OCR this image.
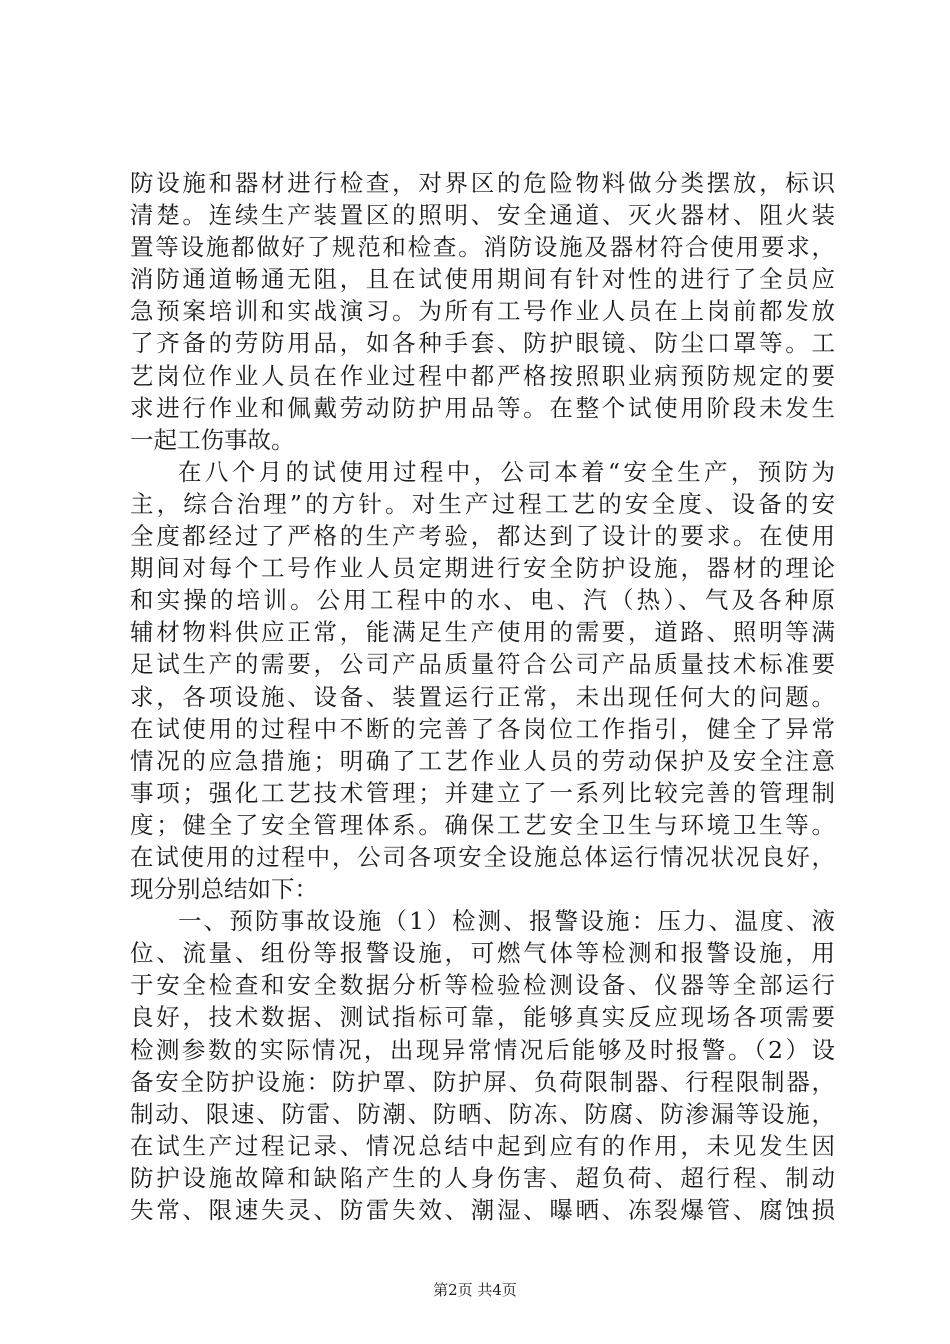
防设施和器材进行检查，对界区的危险物料做分类摆放，标识
清楚。连续生产装置区的照明、安全通道、灭火器材、阻火装
置等设施都做好了规范和检查。消防设施及器材符合使用要求，
消防通道畅通无阻，且在试使用期间有针对性的进行了全员应
急预案培训和实战演习。为所有工号作业人员在上岗前都发放
了齐备的劳防用品，如各种手套、防护眼镜、防尘口罩等。工
艺岗位作业人员在作业过程中都严格按照职业病预防规定的要
求进行作业和佩戴劳动防护用品等。在整个试使用阶段未发生
一起工伤事故。
在八个月的试使用过程中，公司本着“安全生产，预防为
主，综合治理”的方针。对生产过程工艺的安全度、设备的安
全度都经过了严格的生产考验，都达到了设计的要求。在使用
期间对每个工号作业人员定期进行安全防护设施，器材的理论
和实操的培训。公用工程中的水、电、汽（热）、气及各种原
辅材物料供应正常，能满足生产使用的需要，道路、照明等满
足试生产的需要，公司产品质量符合公司产品质量技术标准要
求，各项设施、设备、装置运行正常，未出现任何大的问题。
在试使用的过程中不断的完善了各岗位工作指引，健全了异常
情况的应急措施；明确了工艺作业人员的劳动保护及安全注意
事项；强化工艺技术管理；并建立了一系列比较完善的管理制
度；健全了安全管理体系。确保工艺安全卫生与环境卫生等。
在试使用的过程中，公司各项安全设施总体运行情况状况良好，
现分别总结如下：
一、预防事故设施（1）检测、报警设施：压力、温度、液
位、流量、组份等报警设施，可燃气体等检测和报警设施，用
于安全检查和安全数据分析等检验检测设备、仪器等全部运行
良好，技术数据、测试指标可靠，能够真实反应现场各项需要
检测参数的实际情况，出现异常情况后能够及时报警。（2）设
备安全防护设施：防护罩、防护屏、负荷限制器、行程限制器，
制动、限速、防雷、防潮、防晒、防冻、防腐、防渗漏等设施，
在试生产过程记录、情况总结中起到应有的作用，未见发生因
防护设施故障和缺陷产生的人身伤害、超负荷、超行程、制动
失常、限速失灵、防雷失效、潮湿、曝晒、冻裂爆管、腐蚀损
第2页 共4页
